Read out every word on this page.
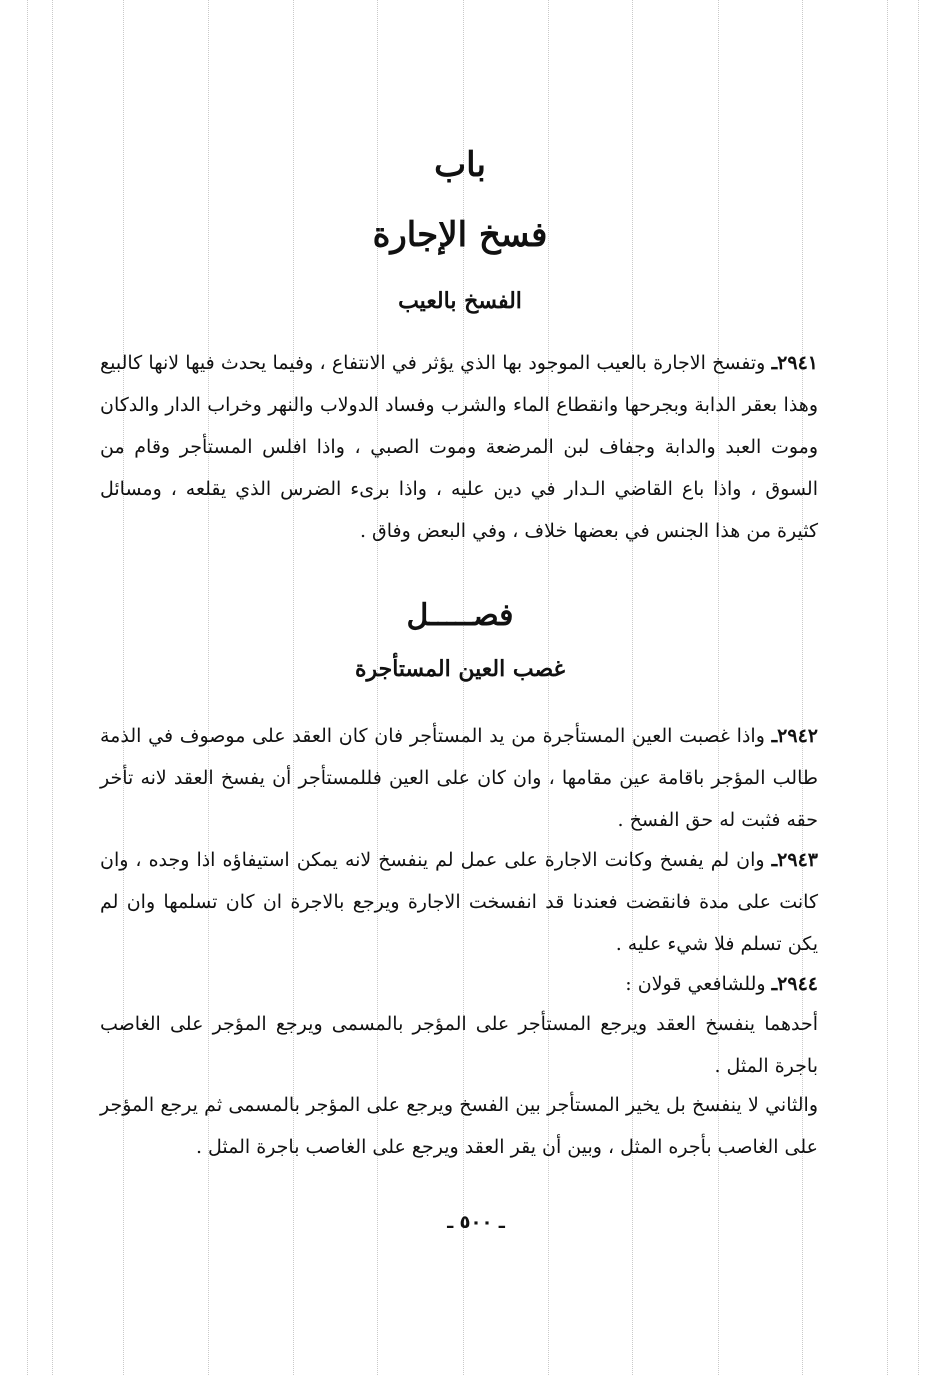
باب
فسخ الإجارة
الفسخ بالعيب
٢٩٤١ـ وتفسخ الاجارة بالعيب الموجود بها الذي يؤثر في الانتفاع ، وفيما يحدث فيها لانها كالبيع وهذا بعقر الدابة وبجرحها وانقطاع الماء والشرب وفساد الدولاب والنهر وخراب الدار والدكان وموت العبد والدابة وجفاف لبن المرضعة وموت الصبي ، واذا افلس المستأجر وقام من السوق ، واذا باع القاضي الـدار في دين عليه ، واذا برىء الضرس الذي يقلعه ، ومسائل كثيرة من هذا الجنس في بعضها خلاف ، وفي البعض وفاق .
فصـــــل
غصب العين المستأجرة
٢٩٤٢ـ واذا غصبت العين المستأجرة من يد المستأجر فان كان العقد على موصوف في الذمة طالب المؤجر باقامة عين مقامها ، وان كان على العين فللمستأجر أن يفسخ العقد لانه تأخر حقه فثبت له حق الفسخ .
٢٩٤٣ـ وان لم يفسخ وكانت الاجارة على عمل لم ينفسخ لانه يمكن استيفاؤه اذا وجده ، وان كانت على مدة فانقضت فعندنا قد انفسخت الاجارة ويرجع بالاجرة ان كان تسلمها وان لم يكن تسلم فلا شيء عليه .
٢٩٤٤ـ وللشافعي قولان :
أحدهما ينفسخ العقد ويرجع المستأجر على المؤجر بالمسمى ويرجع المؤجر على الغاصب باجرة المثل .
والثاني لا ينفسخ بل يخير المستأجر بين الفسخ ويرجع على المؤجر بالمسمى ثم يرجع المؤجر على الغاصب بأجره المثل ، وبين أن يقر العقد ويرجع على الغاصب باجرة المثل .
ـ ٥٠٠ ـ
